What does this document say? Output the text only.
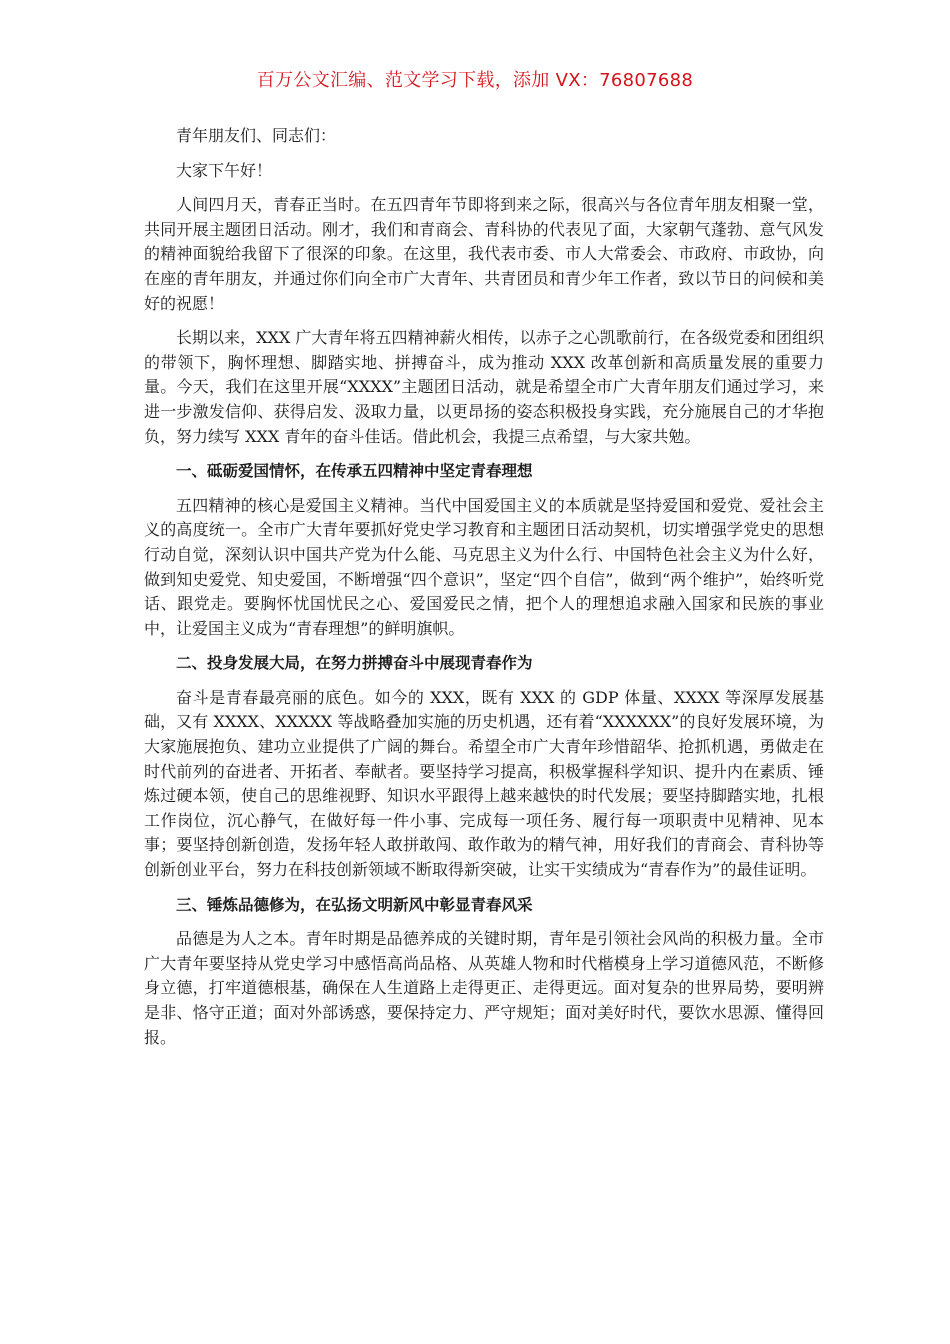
百万公文汇编、范文学习下载，添加 VX：76807688

青年朋友们、同志们：

大家下午好！

人间四月天，青春正当时。在五四青年节即将到来之际，很高兴与各位青年朋友相聚一堂，共同开展主题团日活动。刚才，我们和青商会、青科协的代表见了面，大家朝气蓬勃、意气风发的精神面貌给我留下了很深的印象。在这里，我代表市委、市人大常委会、市政府、市政协，向在座的青年朋友，并通过你们向全市广大青年、共青团员和青少年工作者，致以节日的问候和美好的祝愿！

长期以来，XXX 广大青年将五四精神薪火相传，以赤子之心凯歌前行，在各级党委和团组织的带领下，胸怀理想、脚踏实地、拼搏奋斗，成为推动 XXX 改革创新和高质量发展的重要力量。今天，我们在这里开展“XXXX”主题团日活动，就是希望全市广大青年朋友们通过学习，来进一步激发信仰、获得启发、汲取力量，以更昂扬的姿态积极投身实践，充分施展自己的才华抱负，努力续写 XXX 青年的奋斗佳话。借此机会，我提三点希望，与大家共勉。

一、砥砺爱国情怀，在传承五四精神中坚定青春理想

五四精神的核心是爱国主义精神。当代中国爱国主义的本质就是坚持爱国和爱党、爱社会主义的高度统一。全市广大青年要抓好党史学习教育和主题团日活动契机，切实增强学党史的思想行动自觉，深刻认识中国共产党为什么能、马克思主义为什么行、中国特色社会主义为什么好，做到知史爱党、知史爱国，不断增强“四个意识”，坚定“四个自信”，做到“两个维护”，始终听党话、跟党走。要胸怀忧国忧民之心、爱国爱民之情，把个人的理想追求融入国家和民族的事业中，让爱国主义成为“青春理想”的鲜明旗帜。

二、投身发展大局，在努力拼搏奋斗中展现青春作为

奋斗是青春最亮丽的底色。如今的 XXX，既有 XXX 的 GDP 体量、XXXX 等深厚发展基础，又有 XXXX、XXXXX 等战略叠加实施的历史机遇，还有着“XXXXXX”的良好发展环境，为大家施展抱负、建功立业提供了广阔的舞台。希望全市广大青年珍惜韶华、抢抓机遇，勇做走在时代前列的奋进者、开拓者、奉献者。要坚持学习提高，积极掌握科学知识、提升内在素质、锤炼过硬本领，使自己的思维视野、知识水平跟得上越来越快的时代发展；要坚持脚踏实地，扎根工作岗位，沉心静气，在做好每一件小事、完成每一项任务、履行每一项职责中见精神、见本事；要坚持创新创造，发扬年轻人敢拼敢闯、敢作敢为的精气神，用好我们的青商会、青科协等创新创业平台，努力在科技创新领域不断取得新突破，让实干实绩成为“青春作为”的最佳证明。

三、锤炼品德修为，在弘扬文明新风中彰显青春风采

品德是为人之本。青年时期是品德养成的关键时期，青年是引领社会风尚的积极力量。全市广大青年要坚持从党史学习中感悟高尚品格、从英雄人物和时代楷模身上学习道德风范，不断修身立德，打牢道德根基，确保在人生道路上走得更正、走得更远。面对复杂的世界局势，要明辨是非、恪守正道；面对外部诱惑，要保持定力、严守规矩；面对美好时代，要饮水思源、懂得回报。
